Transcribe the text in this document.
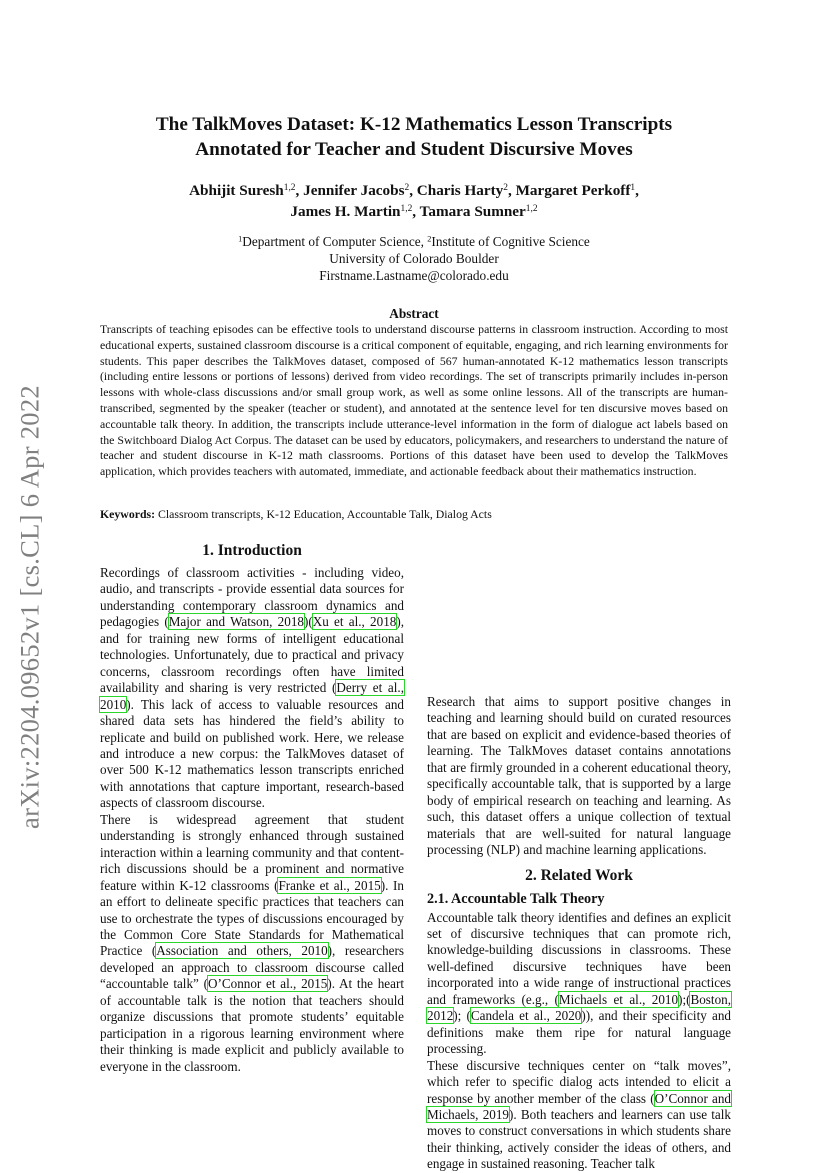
arXiv:2204.09652v1 [cs.CL] 6 Apr 2022
The TalkMoves Dataset: K-12 Mathematics Lesson Transcripts
Annotated for Teacher and Student Discursive Moves
Abhijit Suresh$^{1,2}$, Jennifer Jacobs$^2$, Charis Harty$^2$, Margaret Perkoff$^1$,
James H. Martin$^{1,2}$, Tamara Sumner$^{1,2}$
$^1$Department of Computer Science, $^2$Institute of Cognitive Science
University of Colorado Boulder
Firstname.Lastname@colorado.edu
Abstract
Transcripts of teaching episodes can be effective tools to understand discourse patterns in classroom instruction. According to most educational experts, sustained classroom discourse is a critical component of equitable, engaging, and rich learning environments for students. This paper describes the TalkMoves dataset, composed of 567 human-annotated K-12 mathematics lesson transcripts (including entire lessons or portions of lessons) derived from video recordings. The set of transcripts primarily includes in-person lessons with whole-class discussions and/or small group work, as well as some online lessons. All of the transcripts are human-transcribed, segmented by the speaker (teacher or student), and annotated at the sentence level for ten discursive moves based on accountable talk theory. In addition, the transcripts include utterance-level information in the form of dialogue act labels based on the Switchboard Dialog Act Corpus. The dataset can be used by educators, policymakers, and researchers to understand the nature of teacher and student discourse in K-12 math classrooms. Portions of this dataset have been used to develop the TalkMoves application, which provides teachers with automated, immediate, and actionable feedback about their mathematics instruction.
Keywords: Classroom transcripts, K-12 Education, Accountable Talk, Dialog Acts
1. Introduction

Recordings of classroom activities - including video, audio, and transcripts - provide essential data sources for understanding contemporary classroom dynamics and pedagogies (Major and Watson, 2018)(Xu et al., 2018), and for training new forms of intelligent educational technologies. Unfortunately, due to practical and privacy concerns, classroom recordings often have limited availability and sharing is very restricted (Derry et al., 2010). This lack of access to valuable resources and shared data sets has hindered the field’s ability to replicate and build on published work. Here, we release and introduce a new corpus: the TalkMoves dataset of over 500 K-12 mathematics lesson transcripts enriched with annotations that capture important, research-based aspects of classroom discourse.

There is widespread agreement that student understanding is strongly enhanced through sustained interaction within a learning community and that content-rich discussions should be a prominent and normative feature within K-12 classrooms (Franke et al., 2015). In an effort to delineate specific practices that teachers can use to orchestrate the types of discussions encouraged by the Common Core State Standards for Mathematical Practice (Association and others, 2010), researchers developed an approach to classroom discourse called “accountable talk” (O’Connor et al., 2015). At the heart of accountable talk is the notion that teachers should organize discussions that promote students’ equitable participation in a rigorous learning environment where their thinking is made explicit and publicly available to everyone in the classroom.

Research that aims to support positive changes in teaching and learning should build on curated resources that are based on explicit and evidence-based theories of learning. The TalkMoves dataset contains annotations that are firmly grounded in a coherent educational theory, specifically accountable talk, that is supported by a large body of empirical research on teaching and learning. As such, this dataset offers a unique collection of textual materials that are well-suited for natural language processing (NLP) and machine learning applications.

2. Related Work
2.1. Accountable Talk Theory

Accountable talk theory identifies and defines an explicit set of discursive techniques that can promote rich, knowledge-building discussions in classrooms. These well-defined discursive techniques have been incorporated into a wide range of instructional practices and frameworks (e.g., (Michaels et al., 2010);(Boston, 2012); (Candela et al., 2020)), and their specificity and definitions make them ripe for natural language processing.

These discursive techniques center on “talk moves”, which refer to specific dialog acts intended to elicit a response by another member of the class (O’Connor and Michaels, 2019). Both teachers and learners can use talk moves to construct conversations in which students share their thinking, actively consider the ideas of others, and engage in sustained reasoning. Teacher talk
